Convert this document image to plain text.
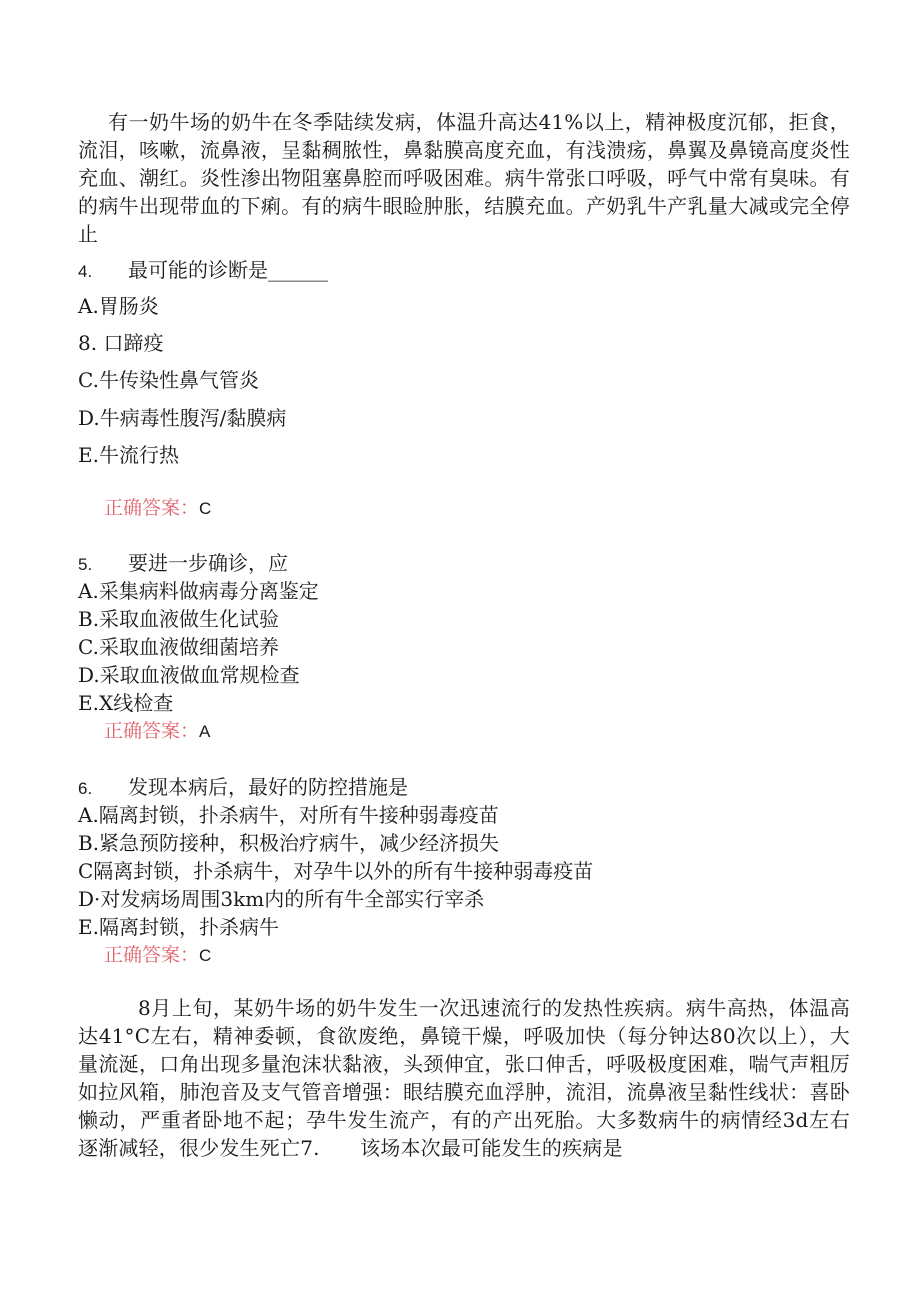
有一奶牛场的奶牛在冬季陆续发病，体温升高达41%以上，精神极度沉郁，拒食，流泪，咳嗽，流鼻液，呈黏稠脓性，鼻黏膜高度充血，有浅溃疡，鼻翼及鼻镜高度炎性充血、潮红。炎性渗出物阻塞鼻腔而呼吸困难。病牛常张口呼吸，呼气中常有臭味。有的病牛出现带血的下痢。有的病牛眼睑肿胀，结膜充血。产奶乳牛产乳量大减或完全停止
4. 最可能的诊断是______
A.胃肠炎
8. 口蹄疫
C.牛传染性鼻气管炎
D.牛病毒性腹泻/黏膜病
E.牛流行热
正确答案：C
5. 要进一步确诊，应
A.采集病料做病毒分离鉴定
B.采取血液做生化试验
C.采取血液做细菌培养
D.采取血液做血常规检查
E.X线检查
正确答案：A
6. 发现本病后，最好的防控措施是
A.隔离封锁，扑杀病牛，对所有牛接种弱毒疫苗
B.紧急预防接种，积极治疗病牛，减少经济损失
C隔离封锁，扑杀病牛，对孕牛以外的所有牛接种弱毒疫苗
D·对发病场周围3km内的所有牛全部实行宰杀
E.隔离封锁，扑杀病牛
正确答案：C
8月上旬，某奶牛场的奶牛发生一次迅速流行的发热性疾病。病牛高热，体温高达41°C左右，精神委顿，食欲废绝，鼻镜干燥，呼吸加快（每分钟达80次以上），大量流涎，口角出现多量泡沫状黏液，头颈伸宜，张口伸舌，呼吸极度困难，喘气声粗厉如拉风箱，肺泡音及支气管音增强：眼结膜充血浮肿，流泪，流鼻液呈黏性线状：喜卧懒动，严重者卧地不起；孕牛发生流产，有的产出死胎。大多数病牛的病情经3d左右逐渐减轻，很少发生死亡7.　　该场本次最可能发生的疾病是
